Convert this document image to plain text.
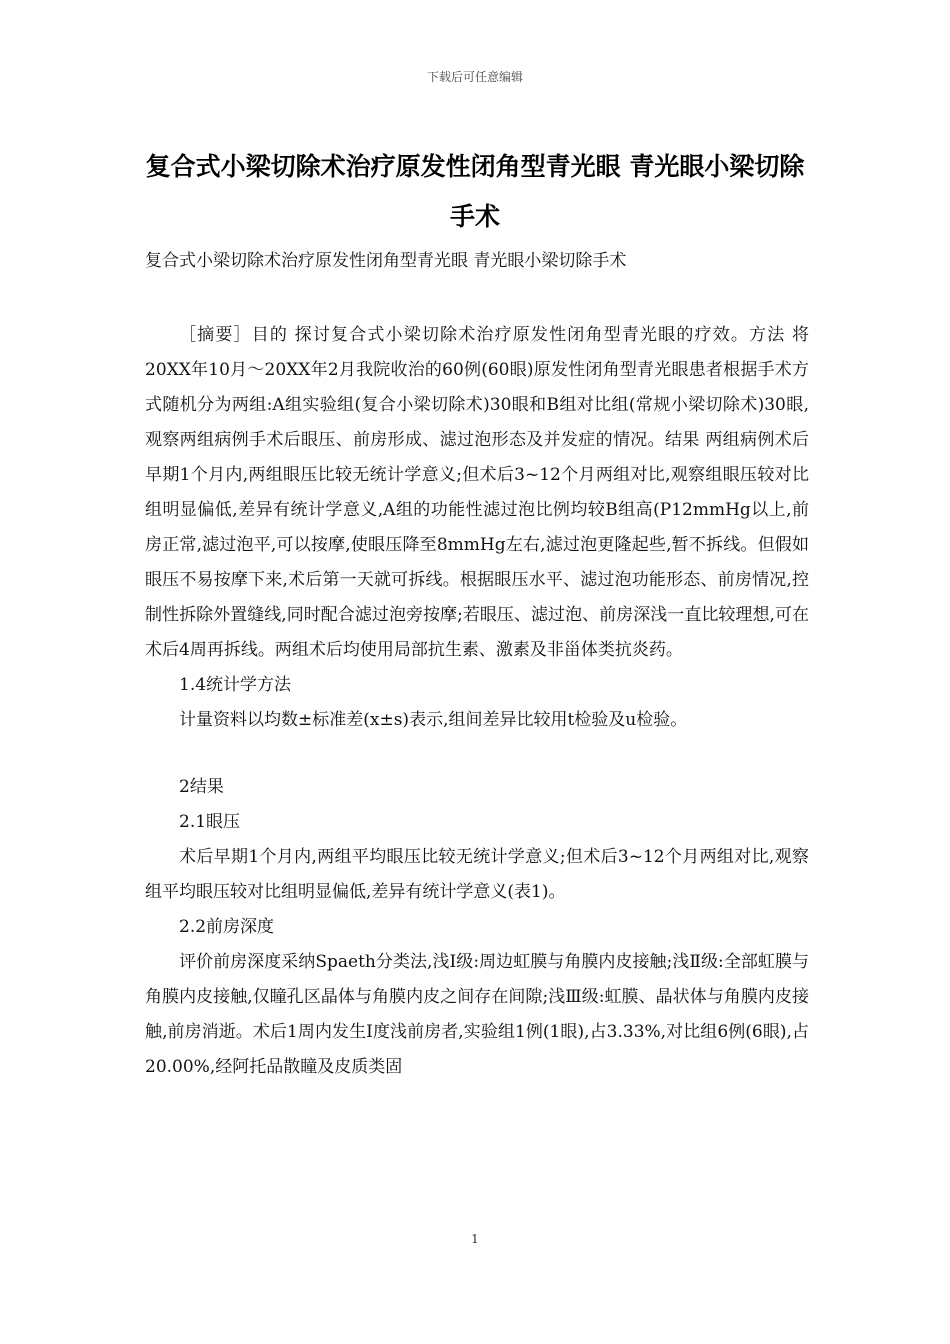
下载后可任意编辑
复合式小梁切除术治疗原发性闭角型青光眼 青光眼小梁切除手术
复合式小梁切除术治疗原发性闭角型青光眼 青光眼小梁切除手术

［摘要］目的 探讨复合式小梁切除术治疗原发性闭角型青光眼的疗效。方法 将20XX年10月～20XX年2月我院收治的60例(60眼)原发性闭角型青光眼患者根据手术方式随机分为两组:A组实验组(复合小梁切除术)30眼和B组对比组(常规小梁切除术)30眼,观察两组病例手术后眼压、前房形成、滤过泡形态及并发症的情况。结果 两组病例术后早期1个月内,两组眼压比较无统计学意义;但术后3~12个月两组对比,观察组眼压较对比组明显偏低,差异有统计学意义,A组的功能性滤过泡比例均较B组高(P12mmHg以上,前房正常,滤过泡平,可以按摩,使眼压降至8mmHg左右,滤过泡更隆起些,暂不拆线。但假如眼压不易按摩下来,术后第一天就可拆线。根据眼压水平、滤过泡功能形态、前房情况,控制性拆除外置缝线,同时配合滤过泡旁按摩;若眼压、滤过泡、前房深浅一直比较理想,可在术后4周再拆线。两组术后均使用局部抗生素、激素及非甾体类抗炎药。

1.4统计学方法

计量资料以均数±标准差(x±s)表示,组间差异比较用t检验及u检验。

2结果

2.1眼压

术后早期1个月内,两组平均眼压比较无统计学意义;但术后3~12个月两组对比,观察组平均眼压较对比组明显偏低,差异有统计学意义(表1)。

2.2前房深度

评价前房深度采纳Spaeth分类法,浅Ⅰ级:周边虹膜与角膜内皮接触;浅Ⅱ级:全部虹膜与角膜内皮接触,仅瞳孔区晶体与角膜内皮之间存在间隙;浅Ⅲ级:虹膜、晶状体与角膜内皮接触,前房消逝。术后1周内发生Ⅰ度浅前房者,实验组1例(1眼),占3.33%,对比组6例(6眼),占20.00%,经阿托品散瞳及皮质类固

1
